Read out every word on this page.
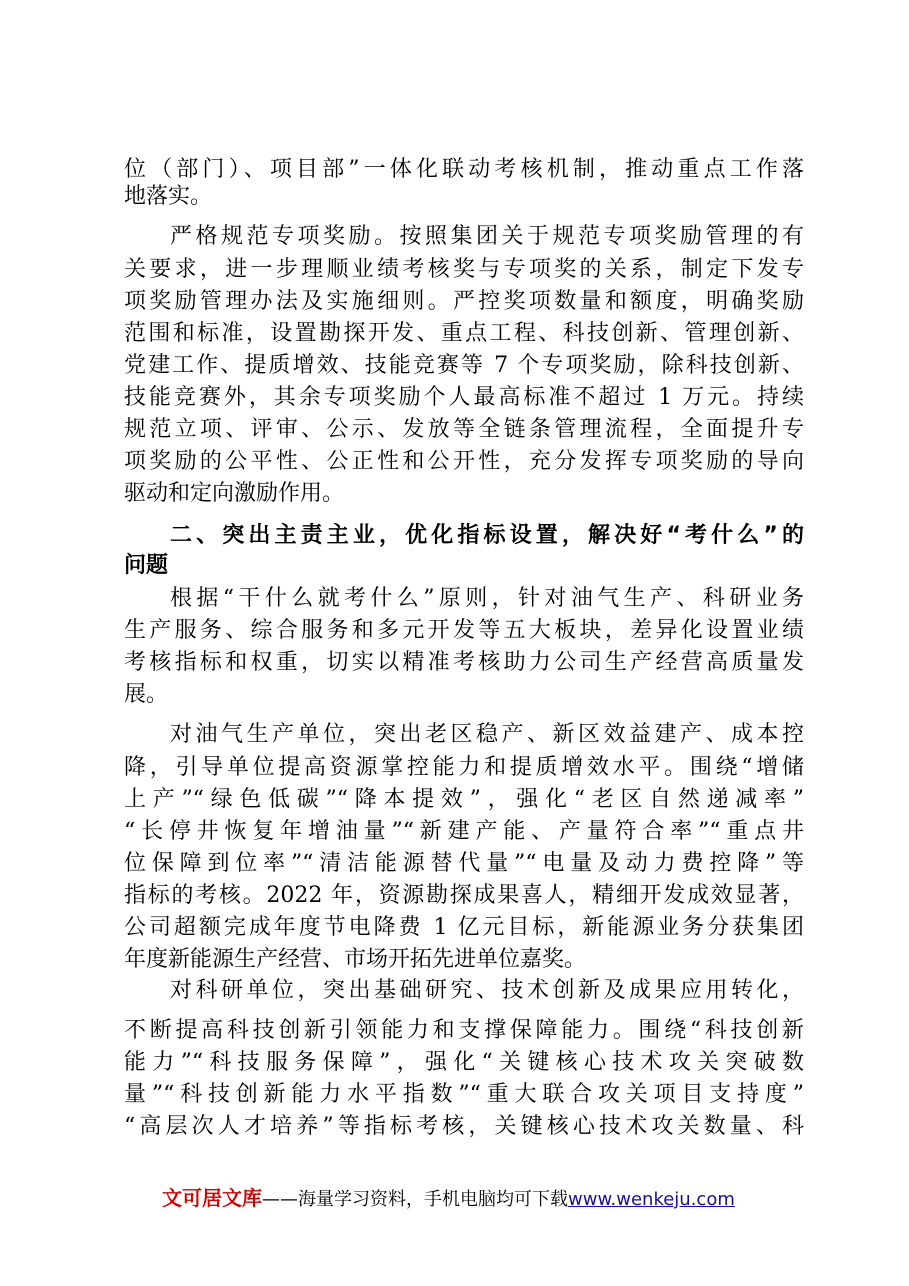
位（部门）、项目部”一体化联动考核机制，推动重点工作落
地落实。
严格规范专项奖励。按照集团关于规范专项奖励管理的有
关要求，进一步理顺业绩考核奖与专项奖的关系，制定下发专
项奖励管理办法及实施细则。严控奖项数量和额度，明确奖励
范围和标准，设置勘探开发、重点工程、科技创新、管理创新、
党建工作、提质增效、技能竞赛等 7 个专项奖励，除科技创新、
技能竞赛外，其余专项奖励个人最高标准不超过 1 万元。持续
规范立项、评审、公示、发放等全链条管理流程，全面提升专
项奖励的公平性、公正性和公开性，充分发挥专项奖励的导向
驱动和定向激励作用。
二、突出主责主业，优化指标设置，解决好“考什么”的
问题
根据“干什么就考什么”原则，针对油气生产、科研业务
生产服务、综合服务和多元开发等五大板块，差异化设置业绩
考核指标和权重，切实以精准考核助力公司生产经营高质量发
展。
对油气生产单位，突出老区稳产、新区效益建产、成本控
降，引导单位提高资源掌控能力和提质增效水平。围绕“增储
上产”“绿色低碳”“降本提效”，强化“老区自然递减率”
“长停井恢复年增油量”“新建产能、产量符合率”“重点井
位保障到位率”“清洁能源替代量”“电量及动力费控降”等
指标的考核。2022 年，资源勘探成果喜人，精细开发成效显著，
公司超额完成年度节电降费 1 亿元目标，新能源业务分获集团
年度新能源生产经营、市场开拓先进单位嘉奖。
对科研单位，突出基础研究、技术创新及成果应用转化，
不断提高科技创新引领能力和支撑保障能力。围绕“科技创新
能力”“科技服务保障”，强化“关键核心技术攻关突破数
量”“科技创新能力水平指数”“重大联合攻关项目支持度”
“高层次人才培养”等指标考核，关键核心技术攻关数量、科
文可居文库——海量学习资料，手机电脑均可下载www.wenkeju.com
